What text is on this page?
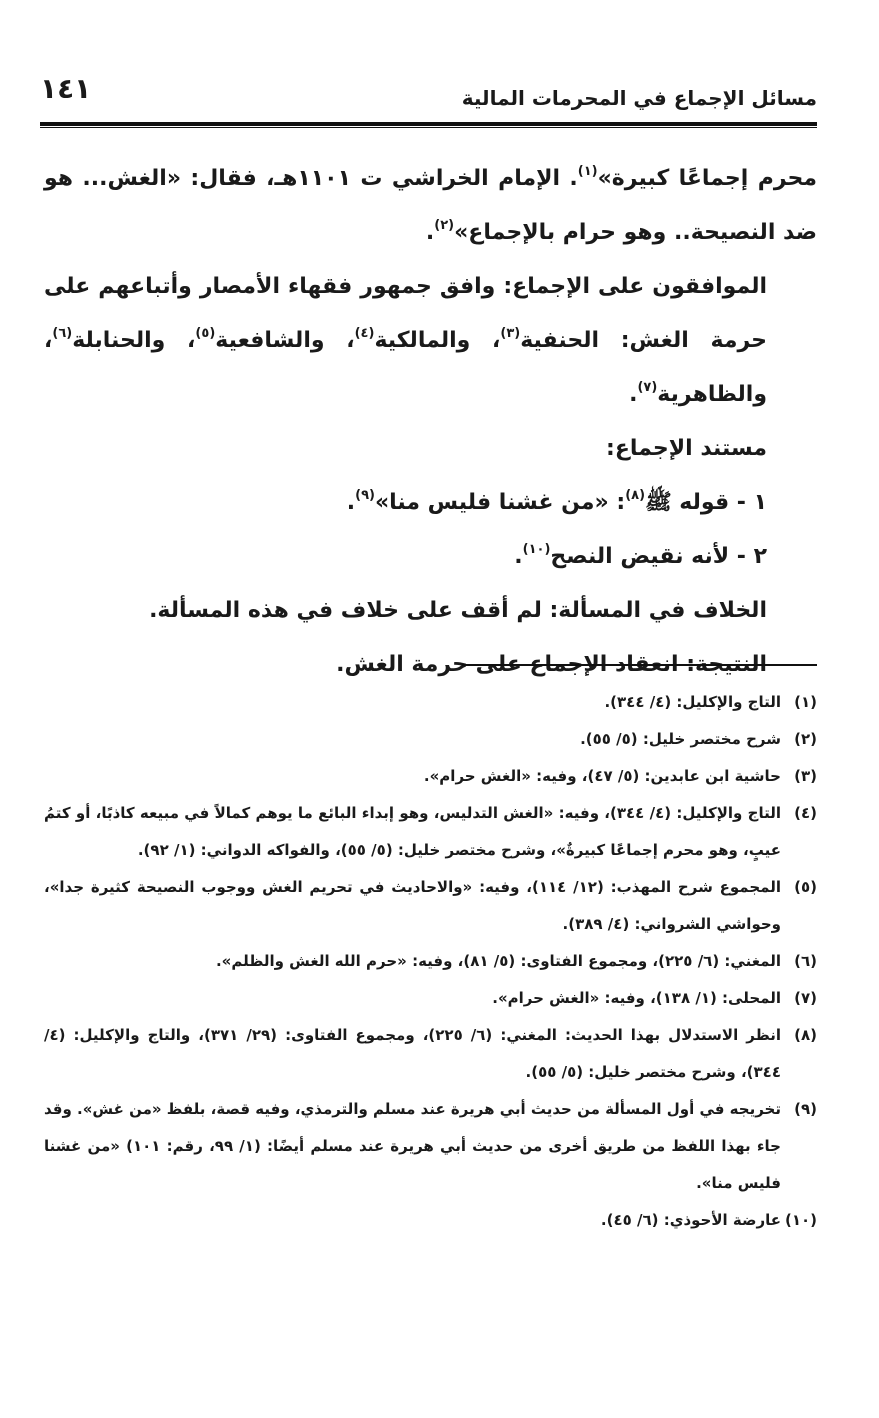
مسائل الإجماع في المحرمات المالية
١٤١

محرم إجماعًا كبيرة»$^{(١)}$. الإمام الخراشي ت ١١٠١هـ، فقال: «الغش... هو ضد النصيحة.. وهو حرام بالإجماع»$^{(٢)}$.

الموافقون على الإجماع: وافق جمهور فقهاء الأمصار وأتباعهم على حرمة الغش: الحنفية$^{(٣)}$، والمالكية$^{(٤)}$، والشافعية$^{(٥)}$، والحنابلة$^{(٦)}$، والظاهرية$^{(٧)}$.

مستند الإجماع:

١ - قوله ﷺ$^{(٨)}$: «من غشنا فليس منا»$^{(٩)}$.

٢ - لأنه نقيض النصح$^{(١٠)}$.

الخلاف في المسألة: لم أقف على خلاف في هذه المسألة.

النتيجة: انعقاد الإجماع على حرمة الغش.

(١)
التاج والإكليل: (٤/ ٣٤٤).
(٢)
شرح مختصر خليل: (٥/ ٥٥).
(٣)
حاشية ابن عابدين: (٥/ ٤٧)، وفيه: «الغش حرام».
(٤)
التاج والإكليل: (٤/ ٣٤٤)، وفيه: «الغش التدليس، وهو إبداء البائع ما يوهم كمالاً في مبيعه كاذبًا، أو كتمُ عيبٍ، وهو محرم إجماعًا كبيرةٌ»، وشرح مختصر خليل: (٥/ ٥٥)، والفواكه الدواني: (١/ ٩٢).
(٥)
المجموع شرح المهذب: (١٢/ ١١٤)، وفيه: «والاحاديث في تحريم الغش ووجوب النصيحة كثيرة جدا»، وحواشي الشرواني: (٤/ ٣٨٩).
(٦)
المغني: (٦/ ٢٢٥)، ومجموع الفتاوى: (٥/ ٨١)، وفيه: «حرم الله الغش والظلم».
(٧)
المحلى: (١/ ١٣٨)، وفيه: «الغش حرام».
(٨)
انظر الاستدلال بهذا الحديث: المغني: (٦/ ٢٢٥)، ومجموع الفتاوى: (٢٩/ ٣٧١)، والتاج والإكليل: (٤/ ٣٤٤)، وشرح مختصر خليل: (٥/ ٥٥).
(٩)
تخريجه في أول المسألة من حديث أبي هريرة عند مسلم والترمذي، وفيه قصة، بلفظ «من غش». وقد جاء بهذا اللفظ من طريق أخرى من حديث أبي هريرة عند مسلم أيضًا: (١/ ٩٩، رقم: ١٠١) «من غشنا فليس منا».
(١٠)
عارضة الأحوذي: (٦/ ٤٥).
